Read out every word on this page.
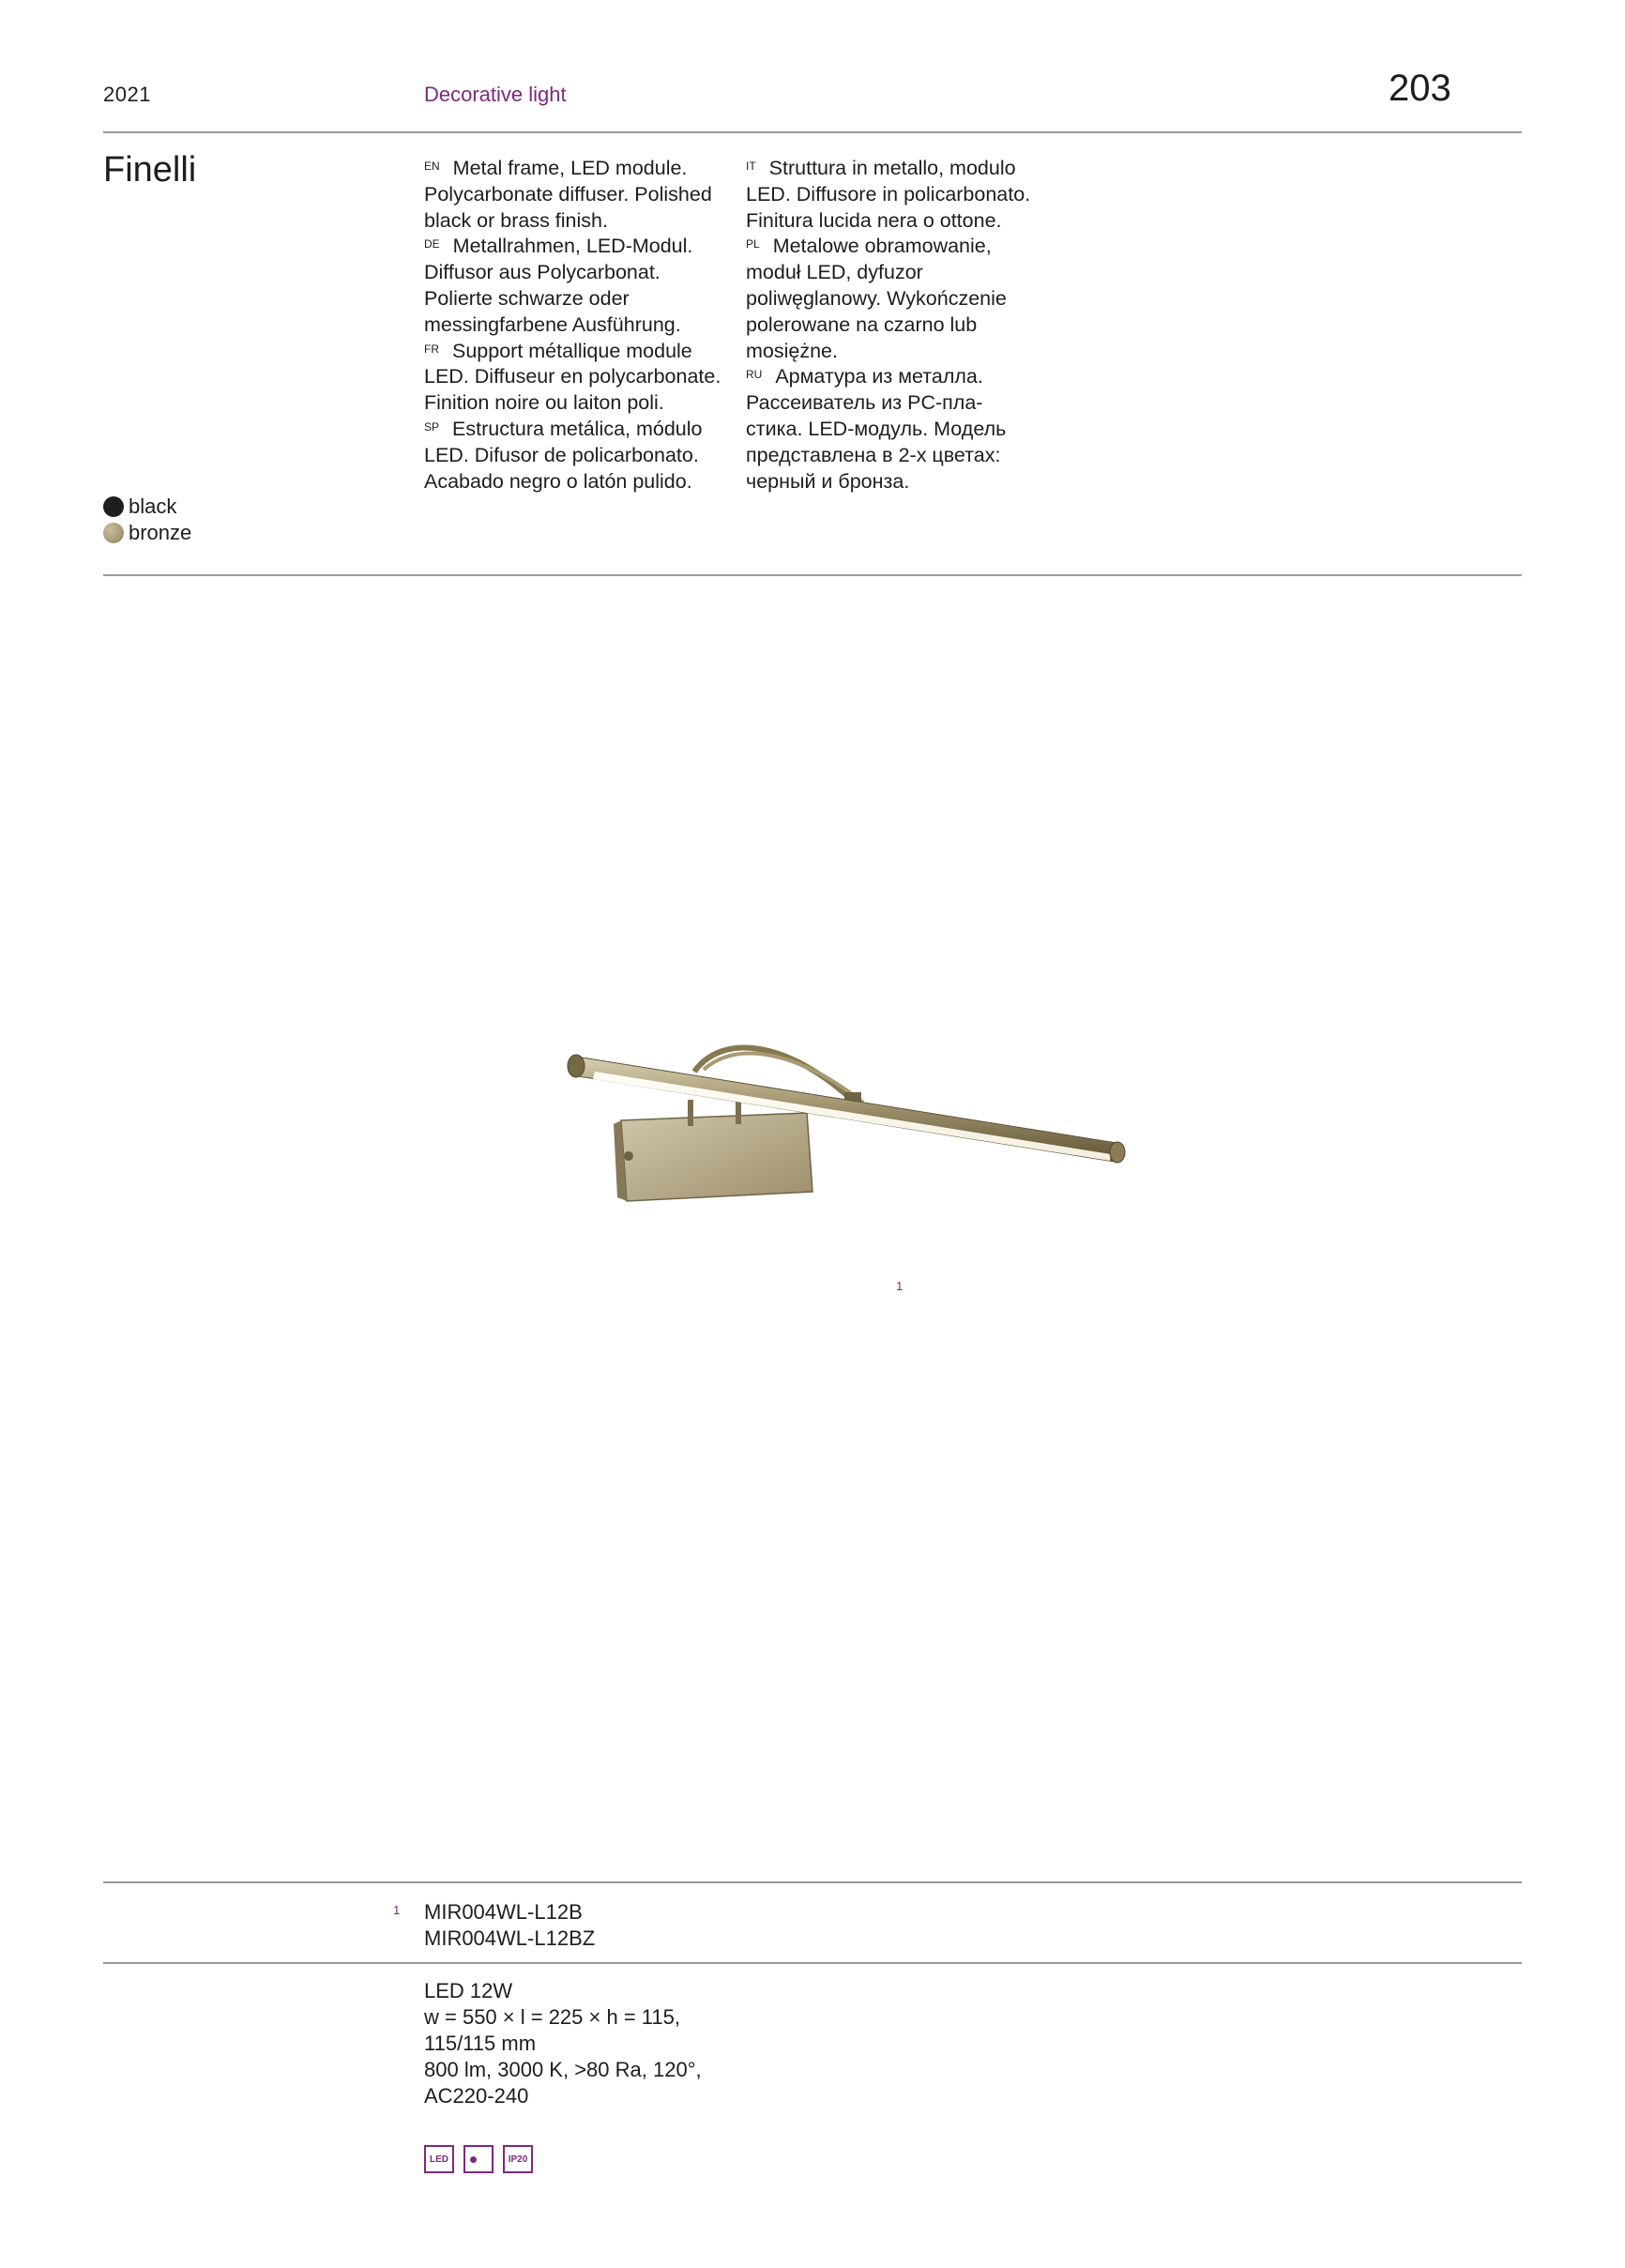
2021	Decorative light	203
Finelli	$^{EN}$ Metal frame, LED module. Polycarbonate diffuser. Polished black or brass finish.

$^{DE}$ Metallrahmen, LED-Modul. Diffusor aus Polycarbonat. Polierte schwarze oder messingfarbene Ausführung.

$^{FR}$ Support métallique module LED. Diffuseur en polycarbonate. Finition noire ou laiton poli.

$^{SP}$ Estructura metálica, módulo LED. Difusor de policarbonato. Acabado negro o latón pulido.

$^{IT}$ Struttura in metallo, modulo LED. Diffusore in policarbonato. Finitura lucida nera o ottone.

$^{PL}$ Metalowe obramowanie, moduł LED, dyfuzor poliwęglanowy. Wykończenie polerowane na czarno lub mosiężne.

$^{RU}$ Арматура из металла. Рассеиватель из PC-пла-стика. LED-модуль. Модель представлена в 2-х цветах: черный и бронза.

black
bronze
1
1 MIR004WL-L12B
MIR004WL-L12BZ
LED 12W
w = 550 × l = 225 × h = 115,
115/115 mm
800 lm, 3000 K, >80 Ra, 120°,
AC220-240
LED	IP20
